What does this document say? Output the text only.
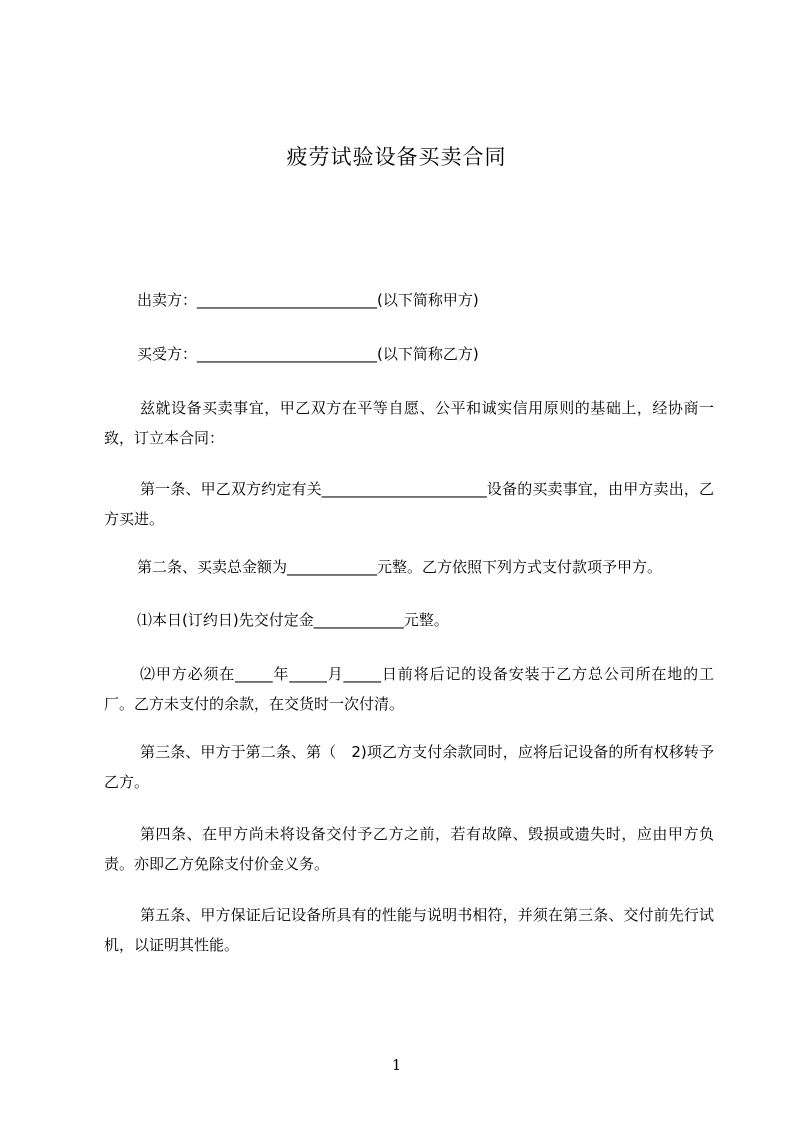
疲劳试验设备买卖合同
出卖方：________________________(以下简称甲方)
买受方：________________________(以下简称乙方)
兹就设备买卖事宜，甲乙双方在平等自愿、公平和诚实信用原则的基础上，经协商一致，订立本合同：
第一条、甲乙双方约定有关______________________设备的买卖事宜，由甲方卖出，乙方买进。
第二条、买卖总金额为____________元整。乙方依照下列方式支付款项予甲方。
⑴本日(订约日)先交付定金____________元整。
⑵甲方必须在_____年_____月_____日前将后记的设备安装于乙方总公司所在地的工厂。乙方未支付的余款，在交货时一次付清。
第三条、甲方于第二条、第（　2)项乙方支付余款同时，应将后记设备的所有权移转予乙方。
第四条、在甲方尚未将设备交付予乙方之前，若有故障、毁损或遗失时，应由甲方负责。亦即乙方免除支付价金义务。
第五条、甲方保证后记设备所具有的性能与说明书相符，并须在第三条、交付前先行试机，以证明其性能。
1
